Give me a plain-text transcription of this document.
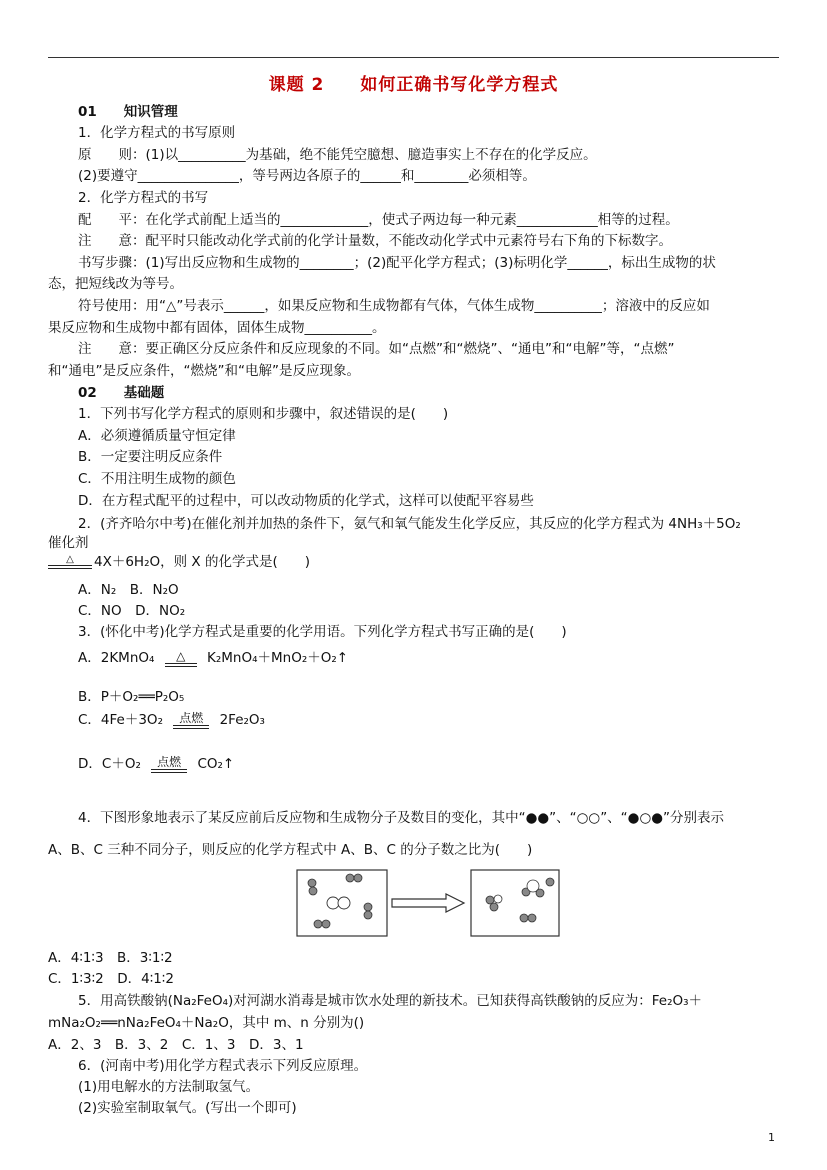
课题 2　　如何正确书写化学方程式
01　　知识管理
1．化学方程式的书写原则
原　　则：(1)以__________为基础，绝不能凭空臆想、臆造事实上不存在的化学反应。
(2)要遵守_______________，等号两边各原子的______和________必须相等。
2．化学方程式的书写
配　　平：在化学式前配上适当的_____________，使式子两边每一种元素____________相等的过程。
注　　意：配平时只能改动化学式前的化学计量数，不能改动化学式中元素符号右下角的下标数字。
书写步骤：(1)写出反应物和生成物的________；(2)配平化学方程式；(3)标明化学______，标出生成物的状
态，把短线改为等号。
符号使用：用“△”号表示______，如果反应物和生成物都有气体，气体生成物__________；溶液中的反应如
果反应物和生成物中都有固体，固体生成物__________。
注　　意：要正确区分反应条件和反应现象的不同。如“点燃”和“燃烧”、“通电”和“电解”等，“点燃”
和“通电”是反应条件，“燃烧”和“电解”是反应现象。
02　　基础题
1．下列书写化学方程式的原则和步骤中，叙述错误的是(　　)
A．必须遵循质量守恒定律
B．一定要注明反应条件
C．不用注明生成物的颜色
D．在方程式配平的过程中，可以改动物质的化学式，这样可以使配平容易些
2．(齐齐哈尔中考)在催化剂并加热的条件下，氨气和氧气能发生化学反应，其反应的化学方程式为 4NH₃＋5O₂
催化剂
△	4X＋6H₂O，则 X 的化学式是(　　)
A．N₂　B．N₂O
C．NO　D．NO₂
3．(怀化中考)化学方程式是重要的化学用语。下列化学方程式书写正确的是(　　)
A．2KMnO₄	△	K₂MnO₄＋MnO₂＋O₂↑
B．P＋O₂══P₂O₅
C．4Fe＋3O₂	点燃	2Fe₂O₃
D．C＋O₂	点燃	CO₂↑
4．下图形象地表示了某反应前后反应物和生成物分子及数目的变化，其中“●●”、“○○”、“●○●”分别表示
A、B、C 三种不同分子，则反应的化学方程式中 A、B、C 的分子数之比为(　　)
A．4∶1∶3　B．3∶1∶2
C．1∶3∶2　D．4∶1∶2
5．用高铁酸钠(Na₂FeO₄)对河湖水消毒是城市饮水处理的新技术。已知获得高铁酸钠的反应为：Fe₂O₃＋
mNa₂O₂══nNa₂FeO₄＋Na₂O，其中 m、n 分别为()
A．2、3　B．3、2　C．1、3　D．3、1
6．(河南中考)用化学方程式表示下列反应原理。
(1)用电解水的方法制取氢气。
(2)实验室制取氧气。(写出一个即可)
1
